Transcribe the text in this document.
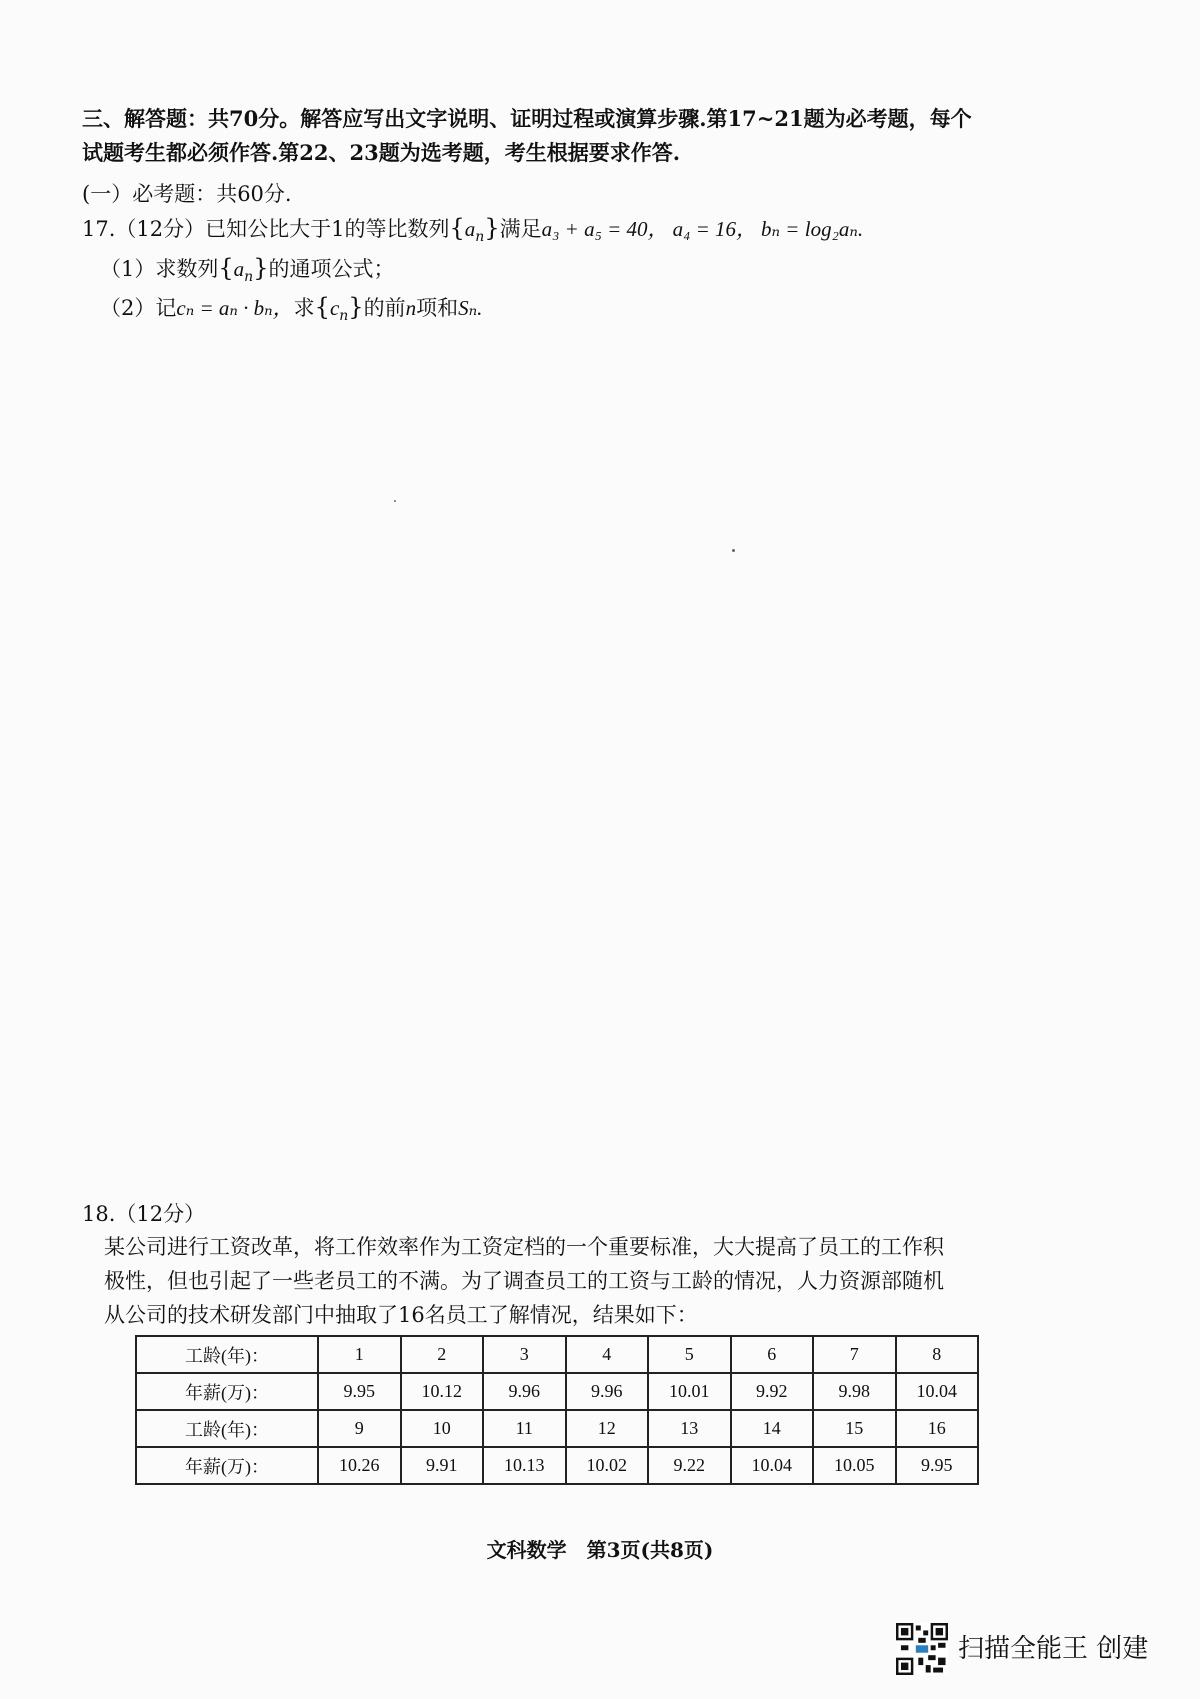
三、解答题：共70分。解答应写出文字说明、证明过程或演算步骤.第17~21题为必考题，每个
试题考生都必须作答.第22、23题为选考题，考生根据要求作答.
(一）必考题：共60分.
17.（12分）已知公比大于1的等比数列$\{a_n\}$满足a₃ + a₅ = 40， a₄ = 16， bₙ = log₂aₙ.
（1）求数列$\{a_n\}$的通项公式；
（2）记cₙ = aₙ · bₙ，求$\{c_n\}$的前n项和Sₙ.
18.（12分）
某公司进行工资改革，将工作效率作为工资定档的一个重要标准，大大提高了员工的工作积
极性，但也引起了一些老员工的不满。为了调查员工的工资与工龄的情况，人力资源部随机
从公司的技术研发部门中抽取了16名员工了解情况，结果如下：
工龄(年)：	1	2	3	4	5	6	7	8
年薪(万)：	9.95	10.12	9.96	9.96	10.01	9.92	9.98	10.04
工龄(年)：	9	10	11	12	13	14	15	16
年薪(万)：	10.26	9.91	10.13	10.02	9.22	10.04	10.05	9.95
文科数学　第3页(共8页)
扫描全能王 创建
